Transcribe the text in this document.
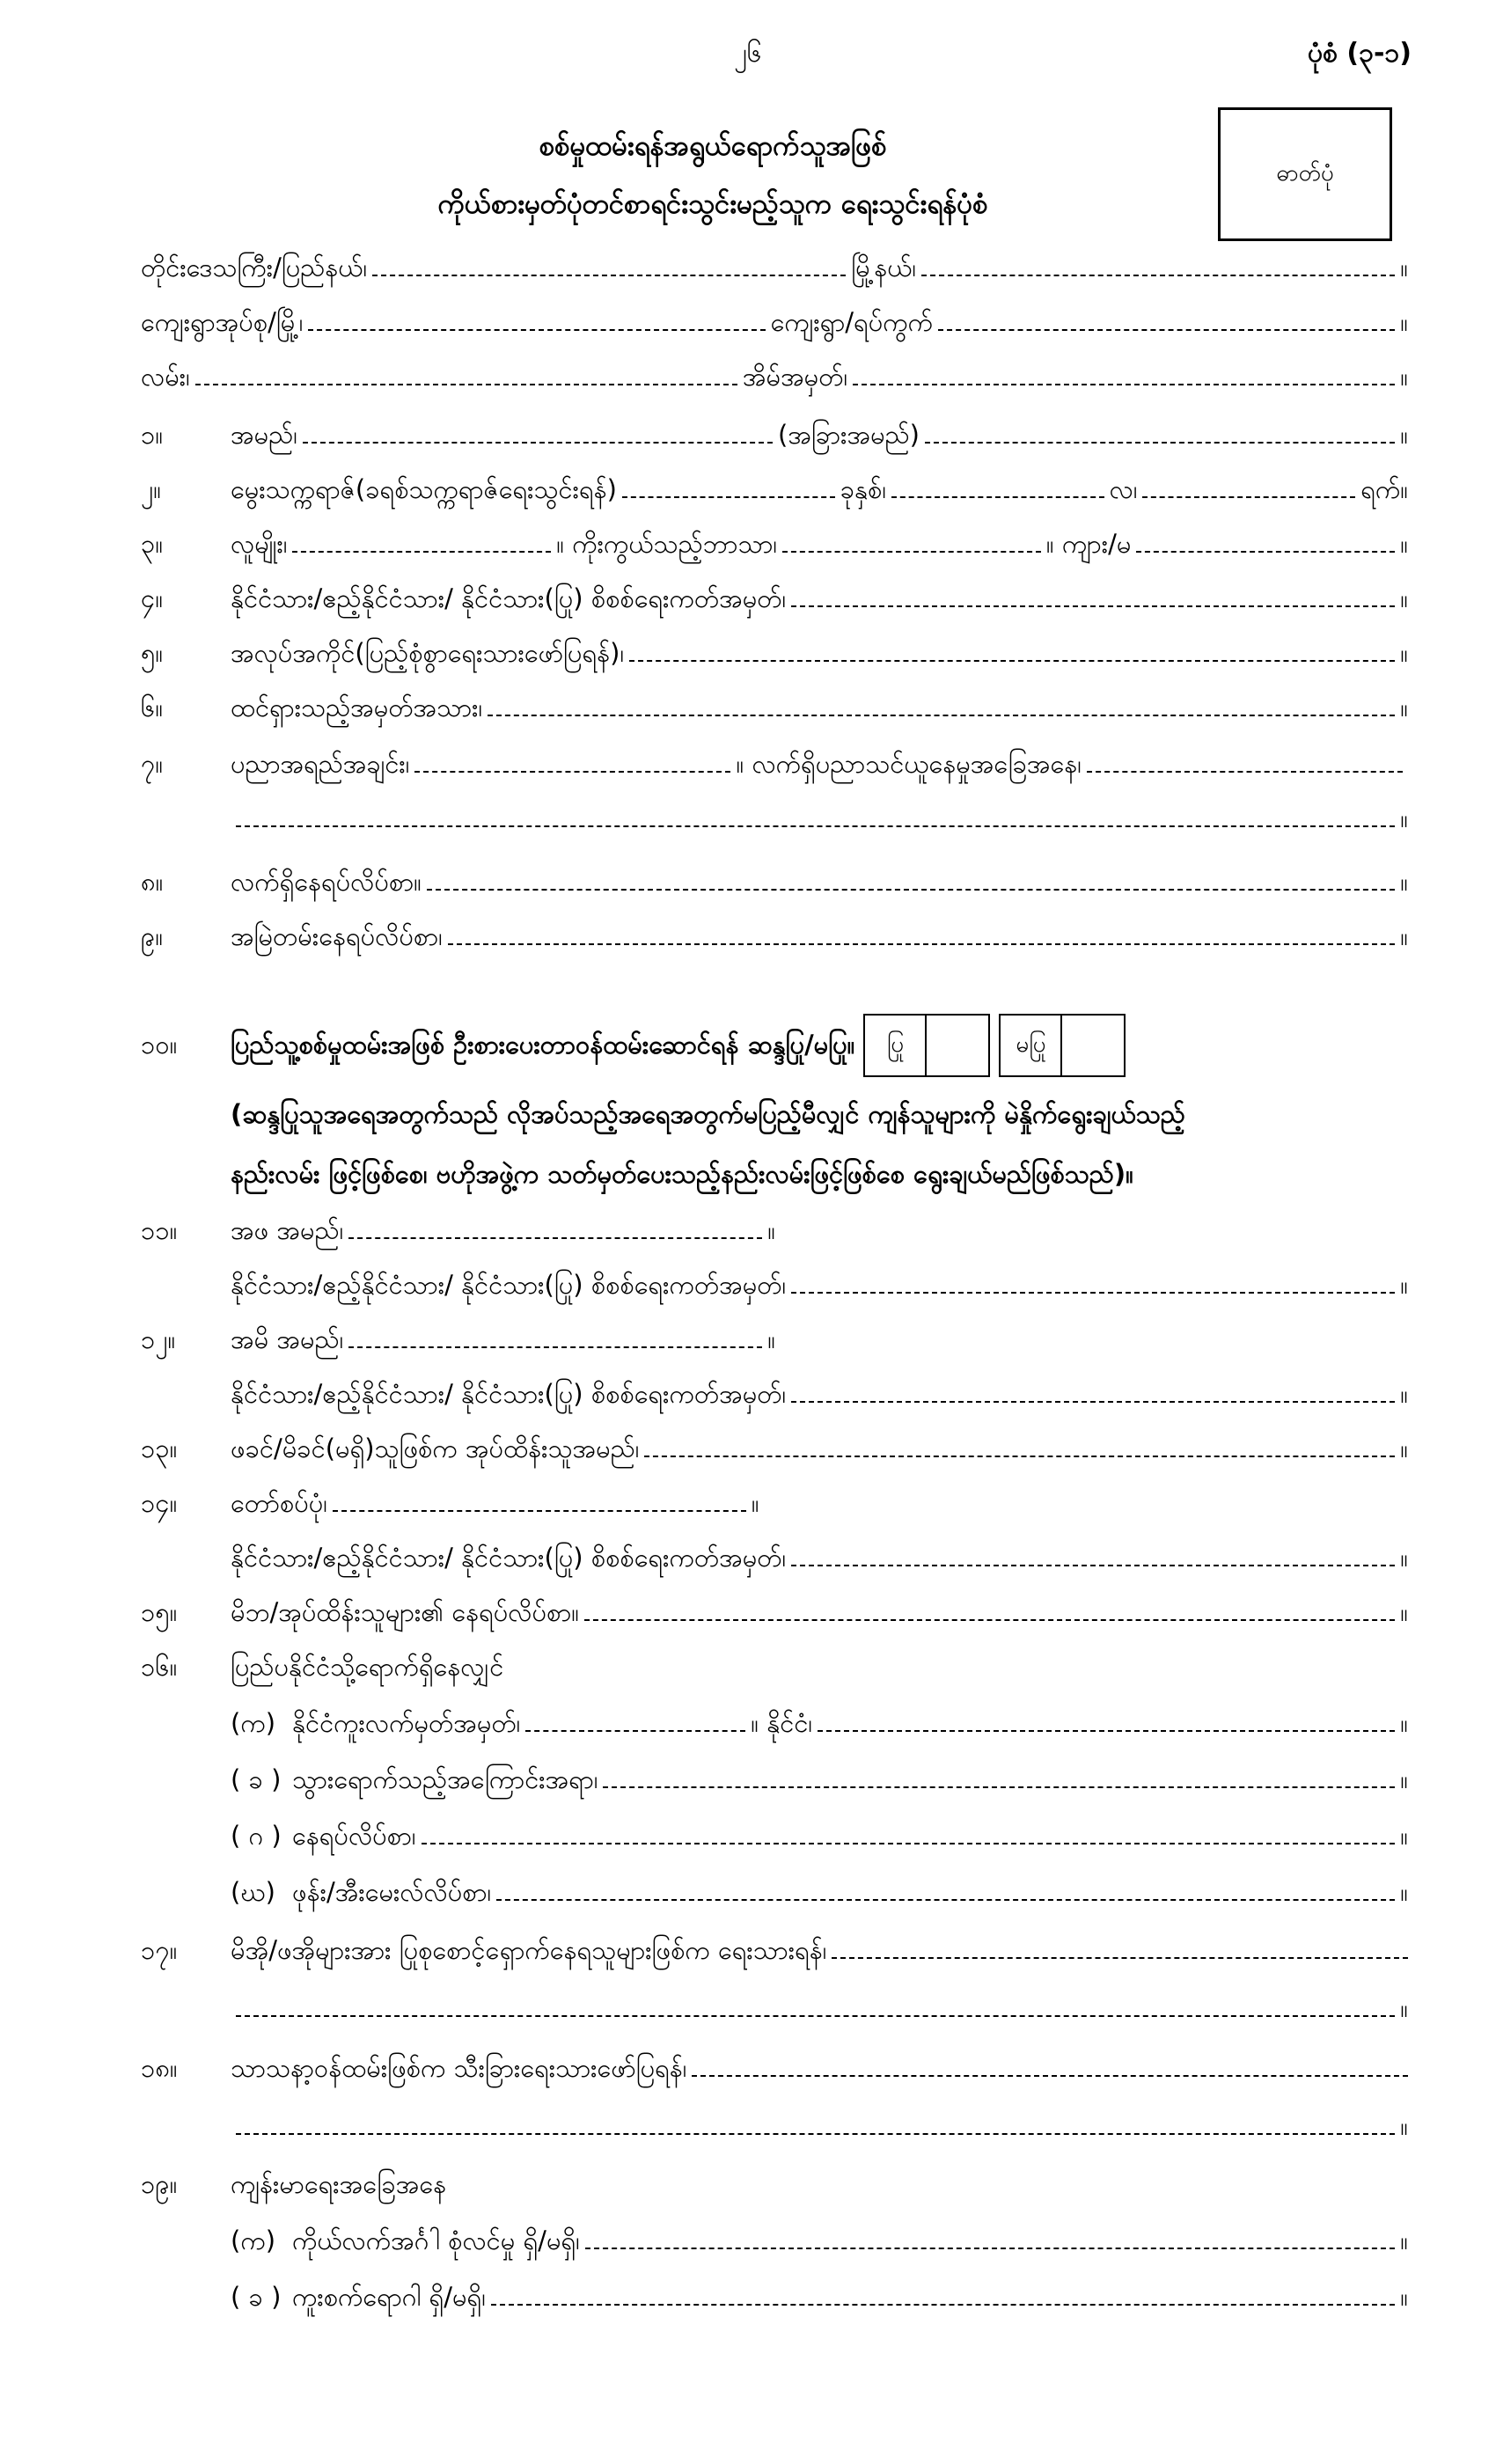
၂၆	ပုံစံ (၃-၁)
ဓာတ်ပုံ
စစ်မှုထမ်းရန်အရွယ်ရောက်သူအဖြစ်
ကိုယ်စားမှတ်ပုံတင်စာရင်းသွင်းမည့်သူက ရေးသွင်းရန်ပုံစံ
တိုင်းဒေသကြီး/ပြည်နယ်၊	မြို့နယ်၊	။
ကျေးရွာအုပ်စု/မြို့၊	ကျေးရွာ/ရပ်ကွက်	။
လမ်း၊	အိမ်အမှတ်၊	။
၁။	အမည်၊	(အခြားအမည်)	။
၂။	မွေးသက္ကရာဇ်(ခရစ်သက္ကရာဇ်ရေးသွင်းရန်)	ခုနှစ်၊	လ၊	ရက် ။
၃။	လူမျိုး၊	။ ကိုးကွယ်သည့်ဘာသာ၊	။ ကျား/မ	။
၄။	နိုင်ငံသား/ဧည့်နိုင်ငံသား/ နိုင်ငံသား(ပြု) စိစစ်ရေးကတ်အမှတ်၊	။
၅။	အလုပ်အကိုင်(ပြည့်စုံစွာရေးသားဖော်ပြရန်)၊	။
၆။	ထင်ရှားသည့်အမှတ်အသား၊	။
၇။	ပညာအရည်အချင်း၊	။ လက်ရှိပညာသင်ယူနေမှုအခြေအနေ၊
။
၈။	လက်ရှိနေရပ်လိပ်စာ။	။
၉။	အမြဲတမ်းနေရပ်လိပ်စာ၊	။
၁၀။	ပြည်သူ့စစ်မှုထမ်းအဖြစ် ဦးစားပေးတာဝန်ထမ်းဆောင်ရန် ဆန္ဒပြု/မပြု။	ပြု	မပြု
(ဆန္ဒပြုသူအရေအတွက်သည် လိုအပ်သည့်အရေအတွက်မပြည့်မီလျှင် ကျန်သူများကို မဲနှိုက်ရွေးချယ်သည့်
နည်းလမ်း ဖြင့်ဖြစ်စေ၊ ဗဟိုအဖွဲ့က သတ်မှတ်ပေးသည့်နည်းလမ်းဖြင့်ဖြစ်စေ ရွေးချယ်မည်ဖြစ်သည်)။
၁၁။	အဖ အမည်၊	။
နိုင်ငံသား/ဧည့်နိုင်ငံသား/ နိုင်ငံသား(ပြု) စိစစ်ရေးကတ်အမှတ်၊	။
၁၂။	အမိ အမည်၊	။
နိုင်ငံသား/ဧည့်နိုင်ငံသား/ နိုင်ငံသား(ပြု) စိစစ်ရေးကတ်အမှတ်၊	။
၁၃။	ဖခင်/မိခင်(မရှိ)သူဖြစ်က အုပ်ထိန်းသူအမည်၊	။
၁၄။	တော်စပ်ပုံ၊	။
နိုင်ငံသား/ဧည့်နိုင်ငံသား/ နိုင်ငံသား(ပြု) စိစစ်ရေးကတ်အမှတ်၊	။
၁၅။	မိဘ/အုပ်ထိန်းသူများ၏ နေရပ်လိပ်စာ။	။
၁၆။	ပြည်ပနိုင်ငံသို့ရောက်ရှိနေလျှင်
(က) နိုင်ငံကူးလက်မှတ်အမှတ်၊	။ နိုင်ငံ၊	။
( ခ ) သွားရောက်သည့်အကြောင်းအရာ၊	။
( ဂ ) နေရပ်လိပ်စာ၊	။
(ဃ) ဖုန်း/အီးမေးလ်လိပ်စာ၊	။
၁၇။	မိအို/ဖအိုများအား ပြုစုစောင့်ရှောက်နေရသူများဖြစ်က ရေးသားရန်၊
။
၁၈။	သာသနာ့ဝန်ထမ်းဖြစ်က သီးခြားရေးသားဖော်ပြရန်၊
။
၁၉။	ကျန်းမာရေးအခြေအနေ
(က) ကိုယ်လက်အင်္ဂါ စုံလင်မှု ရှိ/မရှိ၊	။
( ခ ) ကူးစက်ရောဂါ ရှိ/မရှိ၊	။
